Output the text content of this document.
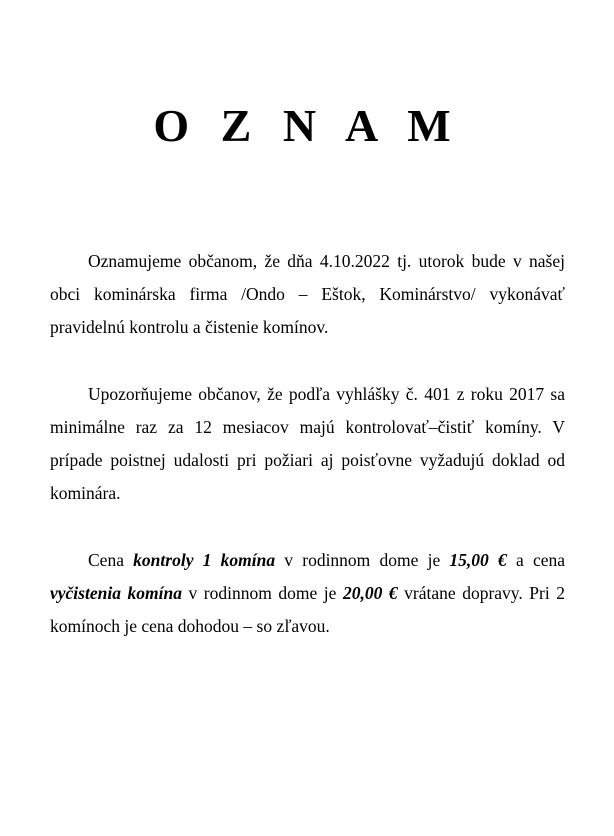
O Z N A M
Oznamujeme občanom, že dňa 4.10.2022 tj. utorok bude v našej obci kominárska firma /Ondo – Eštok, Kominárstvo/ vykonávať pravidelnú kontrolu a čistenie komínov.
Upozorňujeme občanov, že podľa vyhlášky č. 401 z roku 2017 sa minimálne raz za 12 mesiacov majú kontrolovať–čistiť komíny. V prípade poistnej udalosti pri požiari aj poisťovne vyžadujú doklad od kominára.
Cena kontroly 1 komína v rodinnom dome je 15,00 € a cena vyčistenia komína v rodinnom dome je 20,00 € vrátane dopravy. Pri 2 komínoch je cena dohodou – so zľavou.
